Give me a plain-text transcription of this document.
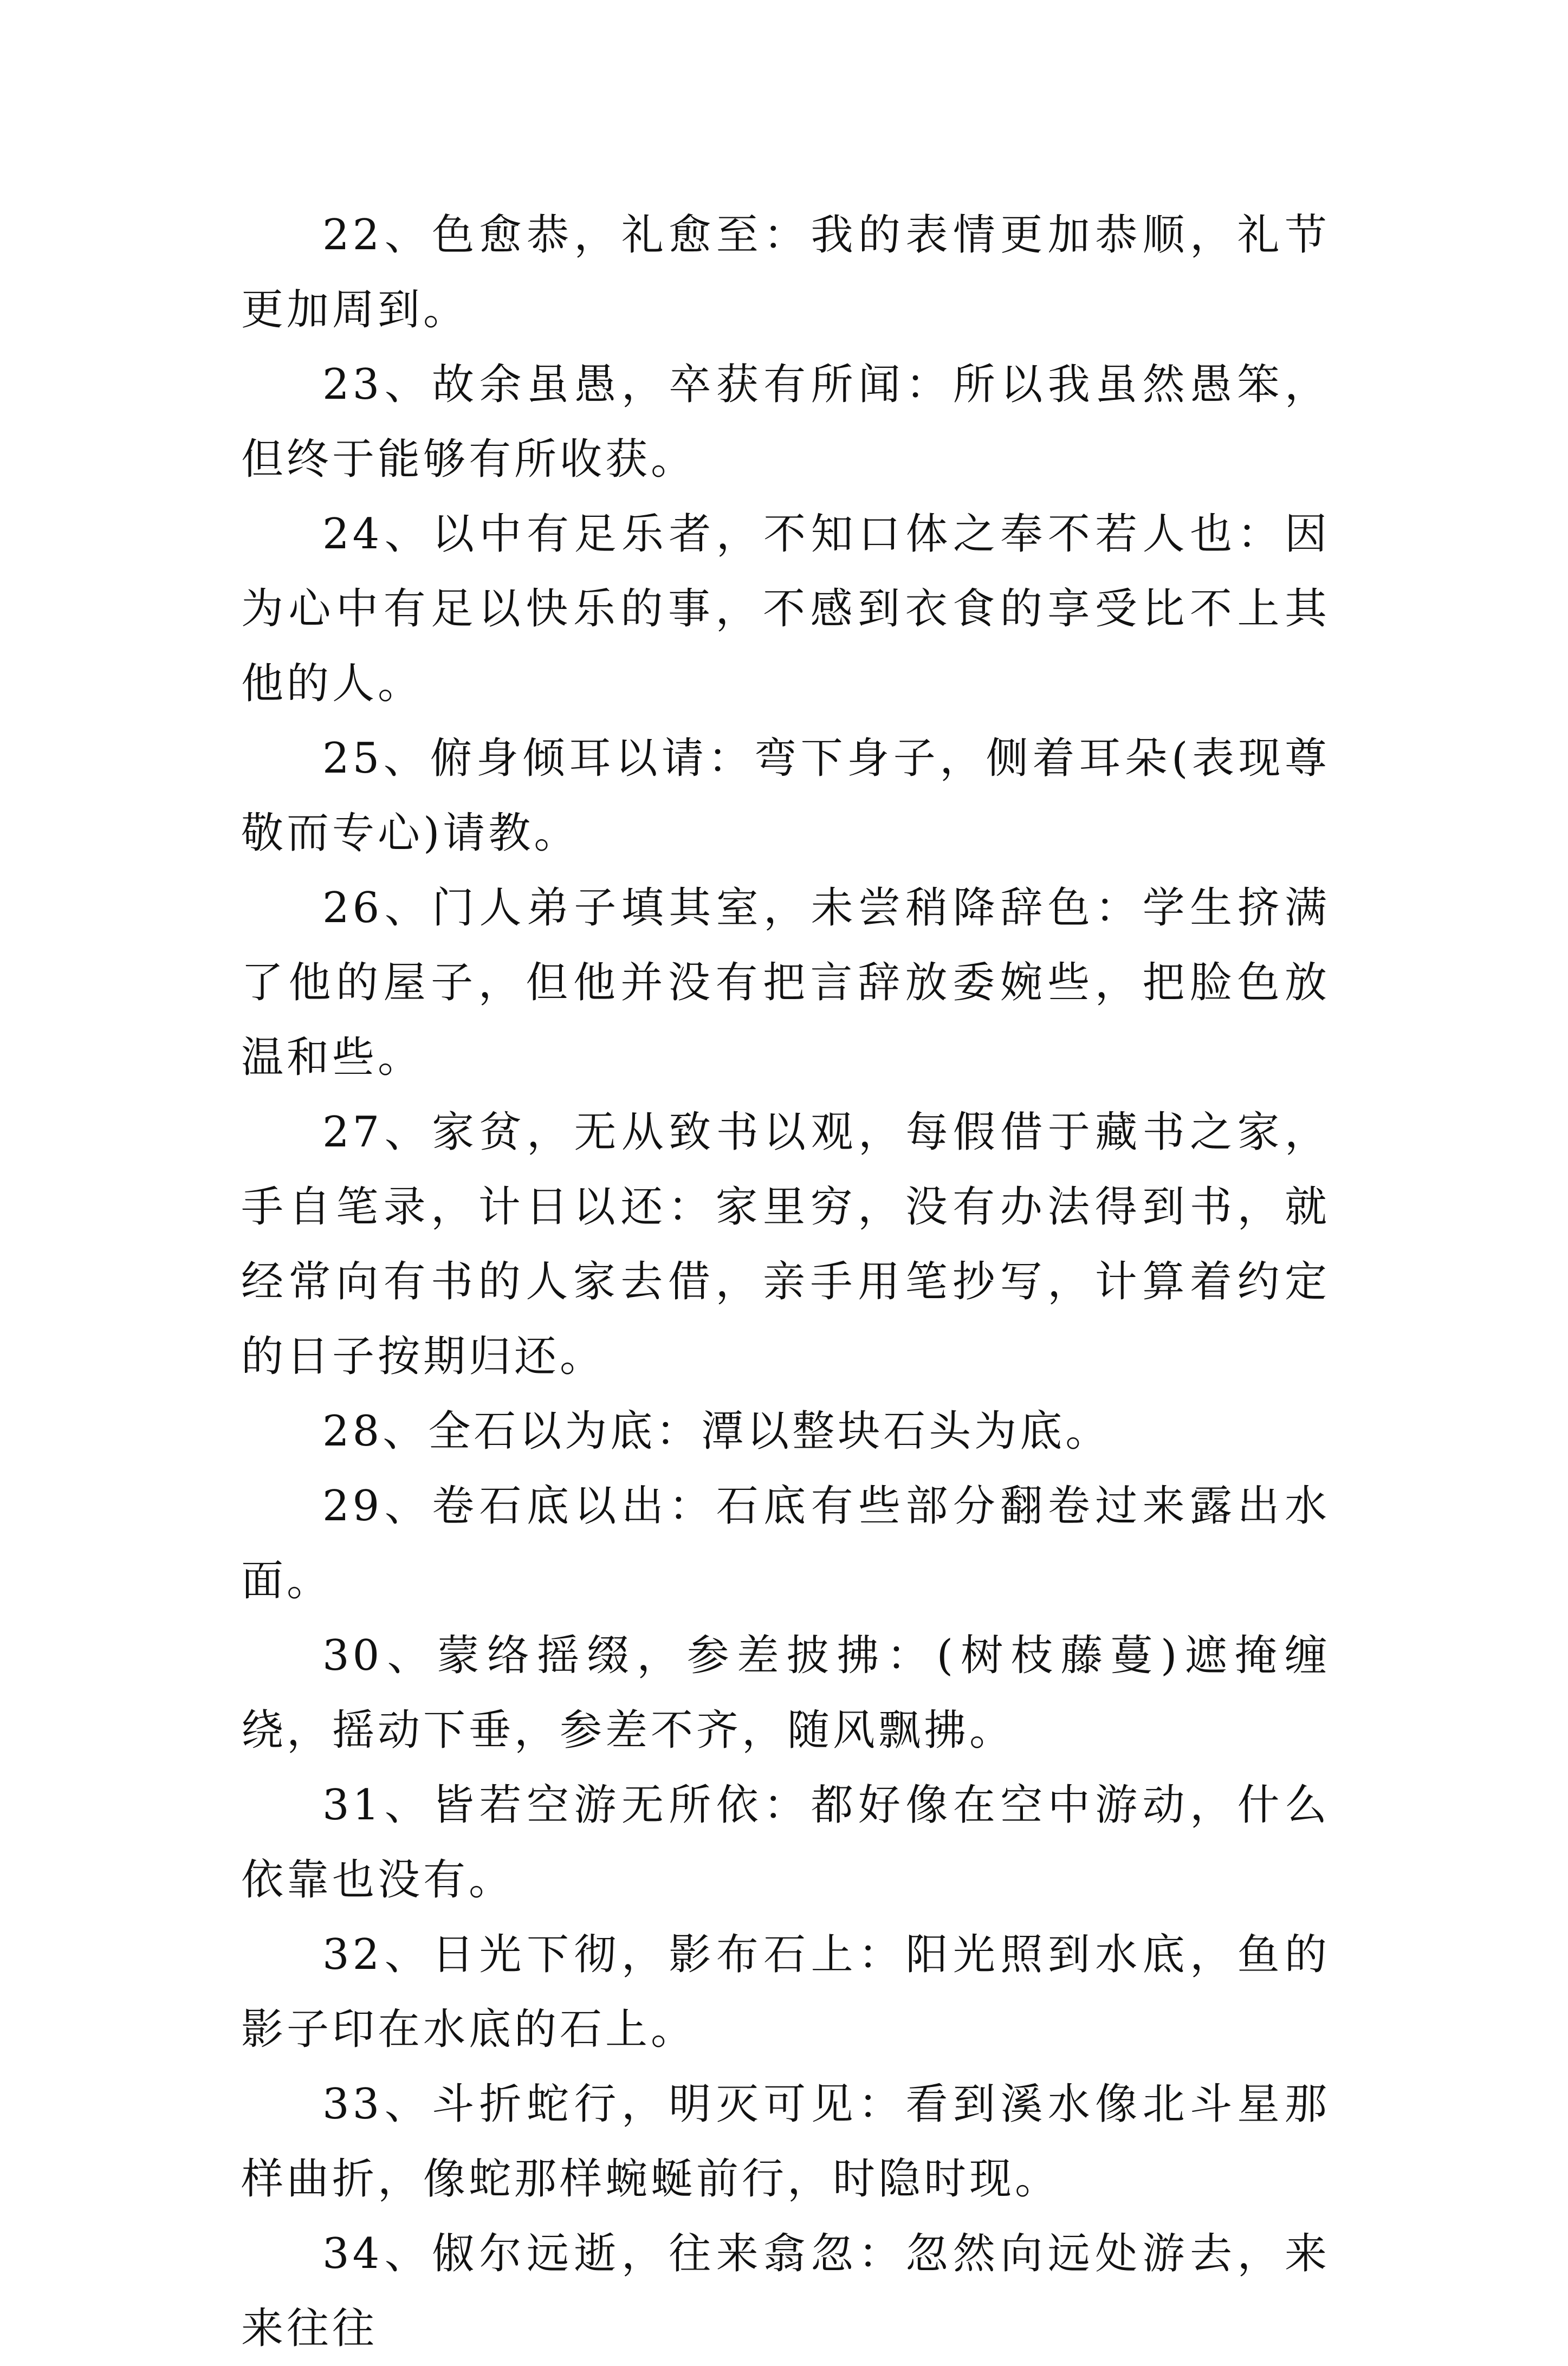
22、色愈恭，礼愈至：我的表情更加恭顺，礼节更加周到。

23、故余虽愚，卒获有所闻：所以我虽然愚笨，但终于能够有所收获。

24、以中有足乐者，不知口体之奉不若人也：因为心中有足以快乐的事，不感到衣食的享受比不上其他的人。

25、俯身倾耳以请：弯下身子，侧着耳朵(表现尊敬而专心)请教。

26、门人弟子填其室，未尝稍降辞色：学生挤满了他的屋子，但他并没有把言辞放委婉些，把脸色放温和些。

27、家贫，无从致书以观，每假借于藏书之家，手自笔录，计日以还：家里穷，没有办法得到书，就经常向有书的人家去借，亲手用笔抄写，计算着约定的日子按期归还。

28、全石以为底：潭以整块石头为底。

29、卷石底以出：石底有些部分翻卷过来露出水面。

30、蒙络摇缀，参差披拂：(树枝藤蔓)遮掩缠绕，摇动下垂，参差不齐，随风飘拂。

31、皆若空游无所依：都好像在空中游动，什么依靠也没有。

32、日光下彻，影布石上：阳光照到水底，鱼的影子印在水底的石上。

33、斗折蛇行，明灭可见：看到溪水像北斗星那样曲折，像蛇那样蜿蜒前行，时隐时现。

34、俶尔远逝，往来翕忽：忽然向远处游去，来来往往
